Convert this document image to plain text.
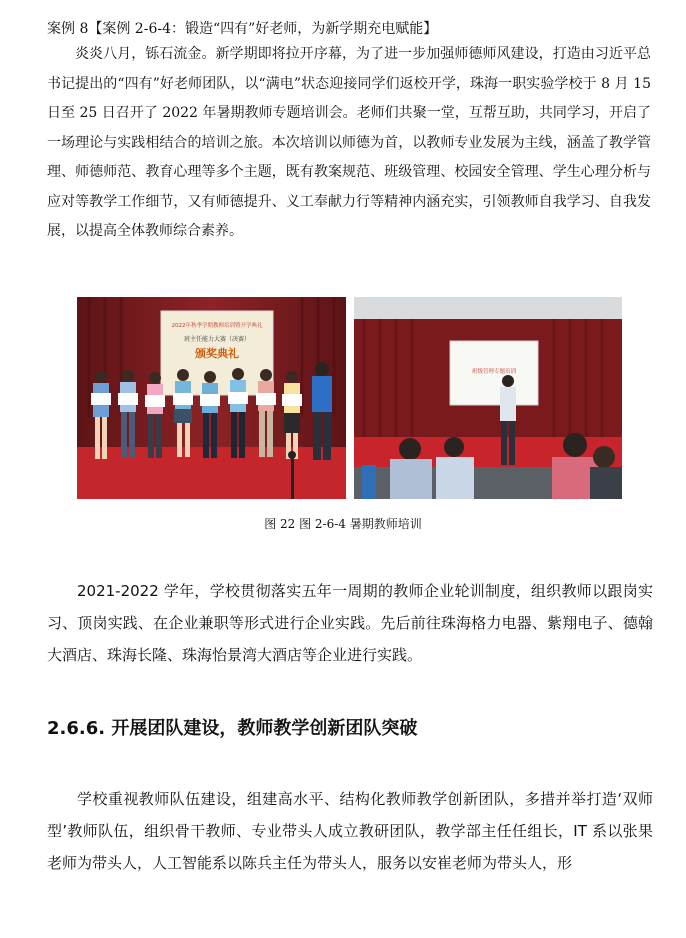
案例 8【案例 2-6-4：锻造“四有”好老师，为新学期充电赋能】

炎炎八月，铄石流金。新学期即将拉开序幕，为了进一步加强师德师风建设，打造由习近平总书记提出的“四有”好老师团队，以“满电”状态迎接同学们返校开学，珠海一职实验学校于 8 月 15 日至 25 日召开了 2022 年暑期教师专题培训会。老师们共聚一堂，互帮互助，共同学习，开启了一场理论与实践相结合的培训之旅。本次培训以师德为首，以教师专业发展为主线，涵盖了教学管理、师德师范、教育心理等多个主题，既有教案规范、班级管理、校园安全管理、学生心理分析与应对等教学工作细节，又有师德提升、义工奉献力行等精神内涵充实，引领教师自我学习、自我发展，以提高全体教师综合素养。

2022年秋季学期教师培训暨开学典礼
班主任能力大赛（决赛）
颁奖典礼
班级管理专题培训
图 22 图 2-6-4 暑期教师培训

2021-2022 学年，学校贯彻落实五年一周期的教师企业轮训制度，组织教师以跟岗实习、顶岗实践、在企业兼职等形式进行企业实践。先后前往珠海格力电器、紫翔电子、德翰大酒店、珠海长隆、珠海怡景湾大酒店等企业进行实践。

2.6.6. 开展团队建设，教师教学创新团队突破

学校重视教师队伍建设，组建高水平、结构化教师教学创新团队，多措并举打造‘双师型’教师队伍，组织骨干教师、专业带头人成立教研团队，教学部主任任组长，IT 系以张果老师为带头人，人工智能系以陈兵主任为带头人，服务以安崔老师为带头人，形
